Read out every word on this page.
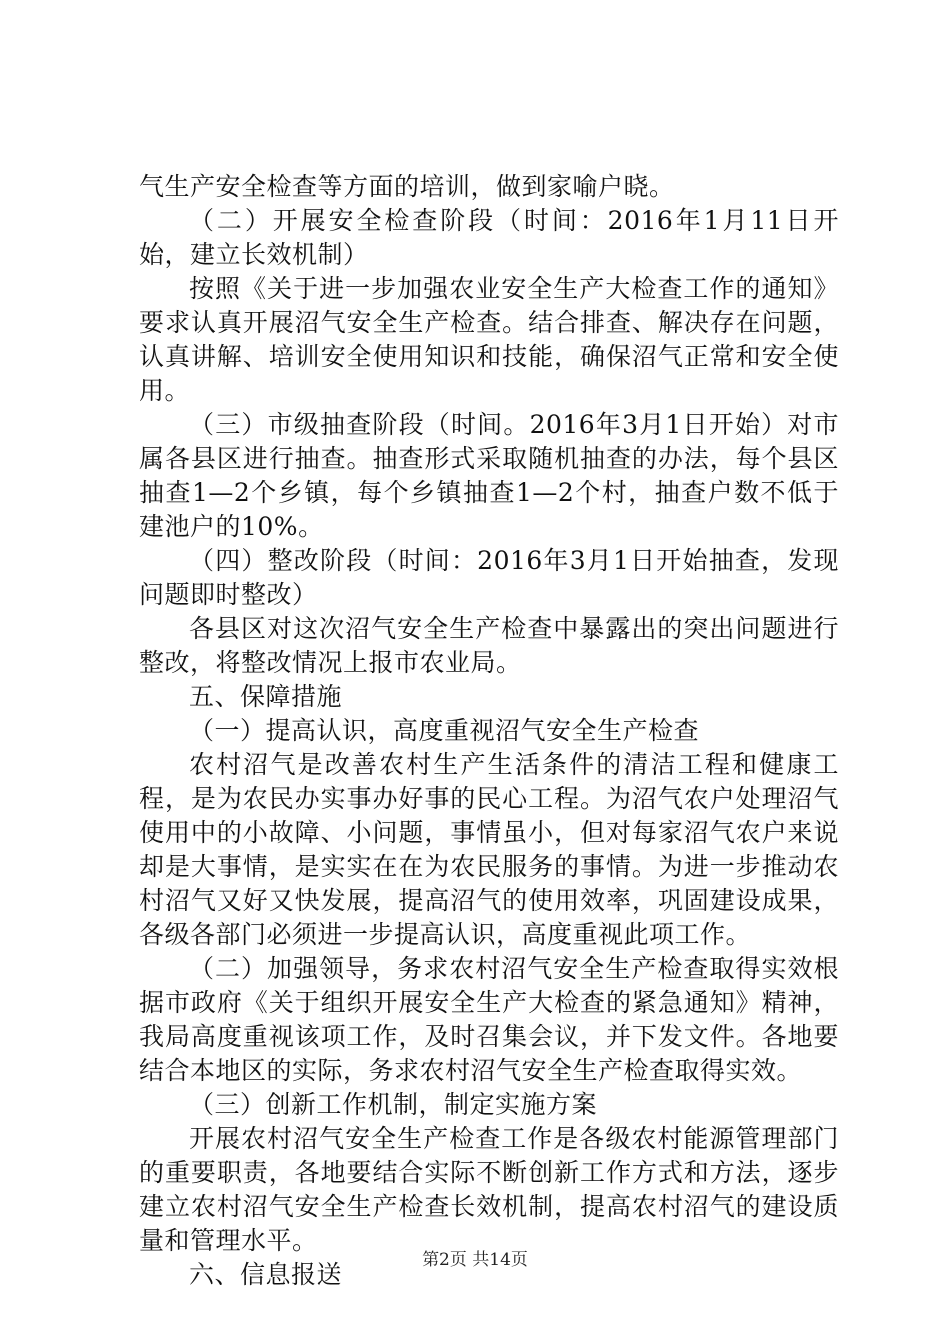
气生产安全检查等方面的培训，做到家喻户晓。

（二）开展安全检查阶段（时间：2016年1月11日开始，建立长效机制）

按照《关于进一步加强农业安全生产大检查工作的通知》要求认真开展沼气安全生产检查。结合排查、解决存在问题，认真讲解、培训安全使用知识和技能，确保沼气正常和安全使用。

（三）市级抽查阶段（时间。2016年3月1日开始）对市属各县区进行抽查。抽查形式采取随机抽查的办法，每个县区抽查1—2个乡镇，每个乡镇抽查1—2个村，抽查户数不低于建池户的10%。

（四）整改阶段（时间：2016年3月1日开始抽查，发现问题即时整改）

各县区对这次沼气安全生产检查中暴露出的突出问题进行整改，将整改情况上报市农业局。

五、保障措施

（一）提高认识，高度重视沼气安全生产检查

农村沼气是改善农村生产生活条件的清洁工程和健康工程，是为农民办实事办好事的民心工程。为沼气农户处理沼气使用中的小故障、小问题，事情虽小，但对每家沼气农户来说却是大事情，是实实在在为农民服务的事情。为进一步推动农村沼气又好又快发展，提高沼气的使用效率，巩固建设成果，各级各部门必须进一步提高认识，高度重视此项工作。

（二）加强领导，务求农村沼气安全生产检查取得实效根据市政府《关于组织开展安全生产大检查的紧急通知》精神，我局高度重视该项工作，及时召集会议，并下发文件。各地要结合本地区的实际，务求农村沼气安全生产检查取得实效。

（三）创新工作机制，制定实施方案

开展农村沼气安全生产检查工作是各级农村能源管理部门的重要职责，各地要结合实际不断创新工作方式和方法，逐步建立农村沼气安全生产检查长效机制，提高农村沼气的建设质量和管理水平。

六、信息报送	第2页 共14页
